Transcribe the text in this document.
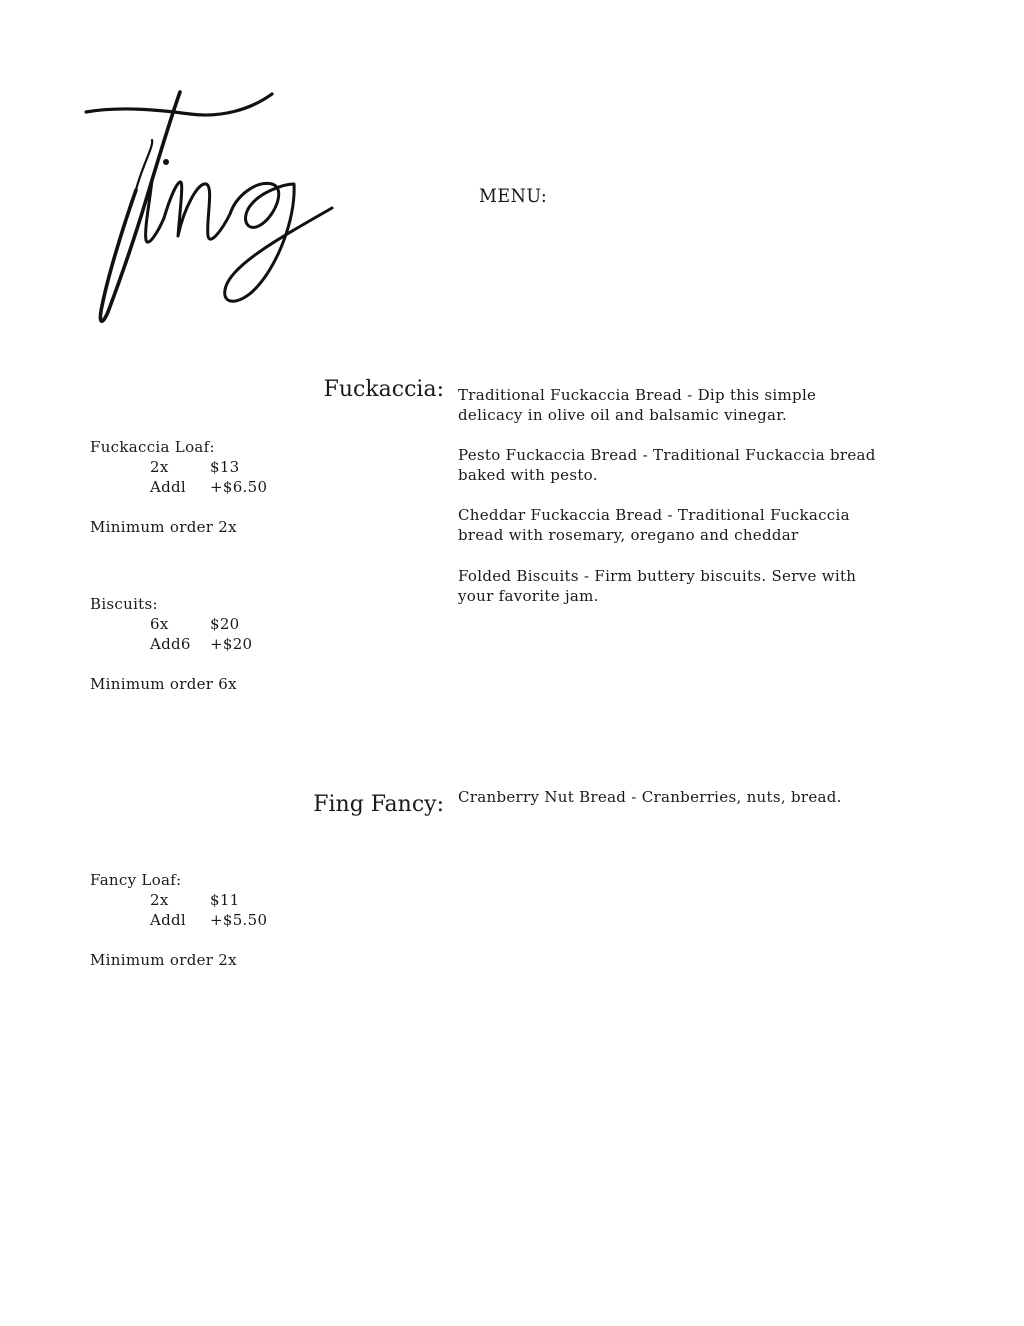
MENU:
Fuckaccia: Traditional Fuckaccia Bread - Dip this simple
delicacy in olive oil and balsamic vinegar.
Pesto Fuckaccia Bread - Traditional Fuckaccia bread
baked with pesto.
Cheddar Fuckaccia Bread - Traditional Fuckaccia
bread with rosemary, oregano and cheddar
Folded Biscuits - Firm buttery biscuits. Serve with
your favorite jam.
Fuckaccia Loaf:
2x	$13
Addl	+$6.50
Minimum order 2x
Biscuits:
6x	$20
Add6	+$20
Minimum order 6x
Fing Fancy: Cranberry Nut Bread - Cranberries, nuts, bread.
Fancy Loaf:
2x	$11
Addl	+$5.50
Minimum order 2x
